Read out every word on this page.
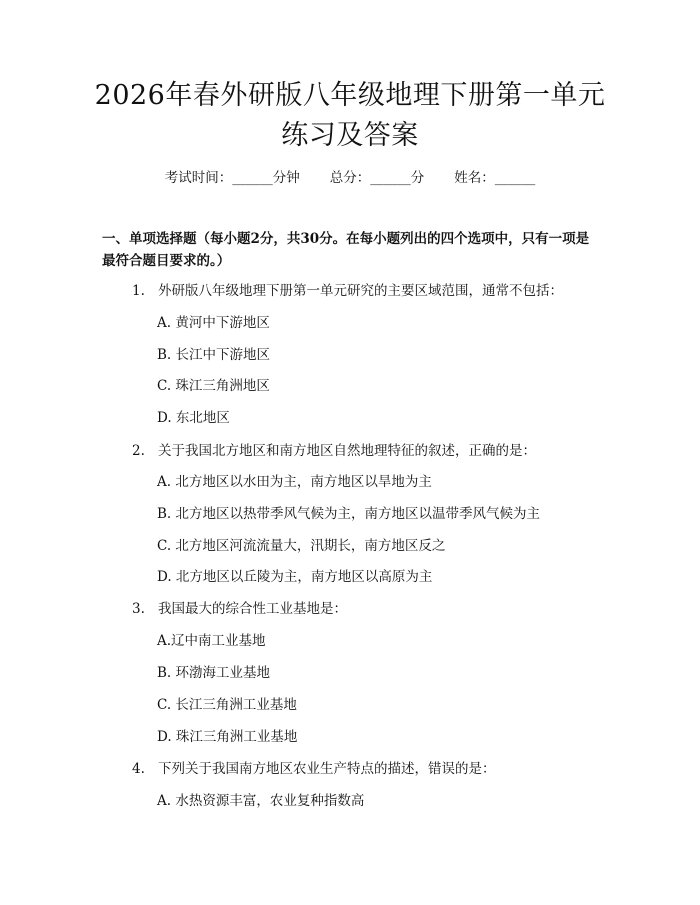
2026年春外研版八年级地理下册第一单元练习及答案
考试时间：______分钟 总分：______分 姓名：______
一、单项选择题（每小题2分，共30分。在每小题列出的四个选项中，只有一项是最符合题目要求的。）
1. 外研版八年级地理下册第一单元研究的主要区域范围，通常不包括：
A. 黄河中下游地区
B. 长江中下游地区
C. 珠江三角洲地区
D. 东北地区
2. 关于我国北方地区和南方地区自然地理特征的叙述，正确的是：
A. 北方地区以水田为主，南方地区以旱地为主
B. 北方地区以热带季风气候为主，南方地区以温带季风气候为主
C. 北方地区河流流量大，汛期长，南方地区反之
D. 北方地区以丘陵为主，南方地区以高原为主
3. 我国最大的综合性工业基地是：
A.辽中南工业基地
B. 环渤海工业基地
C. 长江三角洲工业基地
D. 珠江三角洲工业基地
4. 下列关于我国南方地区农业生产特点的描述，错误的是：
A. 水热资源丰富，农业复种指数高
